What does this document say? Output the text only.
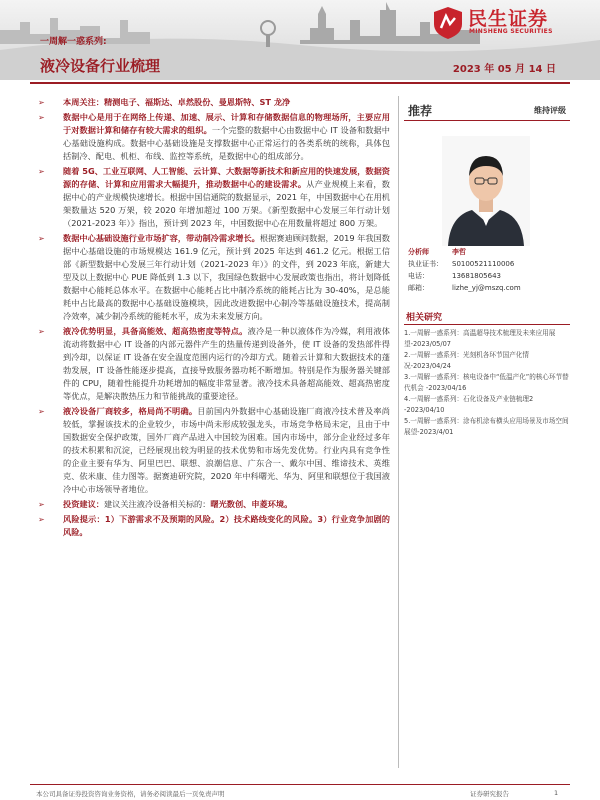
民生证券
MINSHENG SECURITIES
一周解一惑系列:
液冷设备行业梳理	2023 年 05 月 14 日
➢ 本周关注：精测电子、福斯达、卓然股份、曼恩斯特、ST 龙净
➢ 数据中心是用于在网络上传递、加速、展示、计算和存储数据信息的物理场所，主要应用于对数据计算和储存有较大需求的组织。一个完整的数据中心由数据中心 IT 设备和数据中心基础设施构成。数据中心基础设施是支撑数据中心正常运行的各类系统的统称，具体包括制冷、配电、机柜、布线、监控等系统，是数据中心的组成部分。
➢ 随着 5G、工业互联网、人工智能、云计算、大数据等新技术和新应用的快速发展，数据资源的存储、计算和应用需求大幅提升，推动数据中心的建设需求。从产业规模上来看，数据中心的产业规模快速增长。根据中国信通院的数据显示，2021 年，中国数据中心在用机架数量达 520 万架，较 2020 年增加超过 100 万架。《新型数据中心发展三年行动计划（2021-2023 年）》指出，预计到 2023 年，中国数据中心在用数量将超过 800 万架。
➢ 数据中心基础设施行业市场扩容，带动制冷需求增长。根据赛迪顾问数据，2019 年我国数据中心基础设施的市场规模达 161.9 亿元，预计到 2025 年达到 461.2 亿元。根据工信部《新型数据中心发展三年行动计划（2021-2023 年）》的文件，到 2023 年底，新建大型及以上数据中心 PUE 降低到 1.3 以下，我国绿色数据中心发展政策也指出，将计划降低数据中心能耗总体水平。在数据中心能耗占比中制冷系统的能耗占比为 30-40%，是总能耗中占比最高的数据中心基础设施模块，因此改进数据中心制冷等基础设施技术，提高制冷效率，减少制冷系统的能耗水平，成为未来发展方向。
➢ 液冷优势明显，具备高能效、超高热密度等特点。液冷是一种以液体作为冷媒，利用液体流动将数据中心 IT 设备的内部元器件产生的热量传递到设备外，使 IT 设备的发热部件得到冷却，以保证 IT 设备在安全温度范围内运行的冷却方式。随着云计算和大数据技术的蓬勃发展，IT 设备性能逐步提高，直接导致服务器功耗不断增加。特别是作为服务器关键部件的 CPU，随着性能提升功耗增加的幅度非常显著。液冷技术具备超高能效、超高热密度等优点，是解决散热压力和节能挑战的重要途径。
➢ 液冷设备厂商较多，格局尚不明确。目前国内外数据中心基础设施厂商液冷技术普及率尚较低，掌握该技术的企业较少，市场中尚未形成较强龙头，市场竞争格局未定，且由于中国数据安全保护政策，国外厂商产品进入中国较为困难。国内市场中，部分企业经过多年的技术积累和沉淀，已经展现出较为明显的技术优势和市场先发优势。行业内具有竞争性的企业主要有华为、阿里巴巴、联想、浪潮信息、广东合一、戴尔中国、维谛技术、英维克、依米康、佳力图等。据赛迪研究院，2020 年中科曙光、华为、阿里和联想位于我国液冷中心市场领导者地位。
➢ 投资建议：建议关注液冷设备相关标的：曙光数创、申菱环境。
➢ 风险提示：1）下游需求不及预期的风险。2）技术路线变化的风险。3）行业竞争加剧的风险。
推荐	维持评级
分析师	李哲
执业证书：	S0100521110006
电话：	13681805643
邮箱：	lizhe_yj@mszq.com
相关研究
1.一周解一惑系列：高温超导技术梳理及未来应用展望-2023/05/07
2.一周解一惑系列：光刻机各环节国产化情况-2023/04/24
3.一周解一惑系列：核电设备中“低温产化”的核心环节替代机会 -2023/04/16
4.一周解一惑系列：石化设备及产业链梳理2 -2023/04/10
5.一周解一惑系列：涂布机涂布横头应用场景及市场空间展望-2023/4/01
本公司具备证券投资咨询业务资格，请务必阅读最后一页免责声明	证券研究报告	1
